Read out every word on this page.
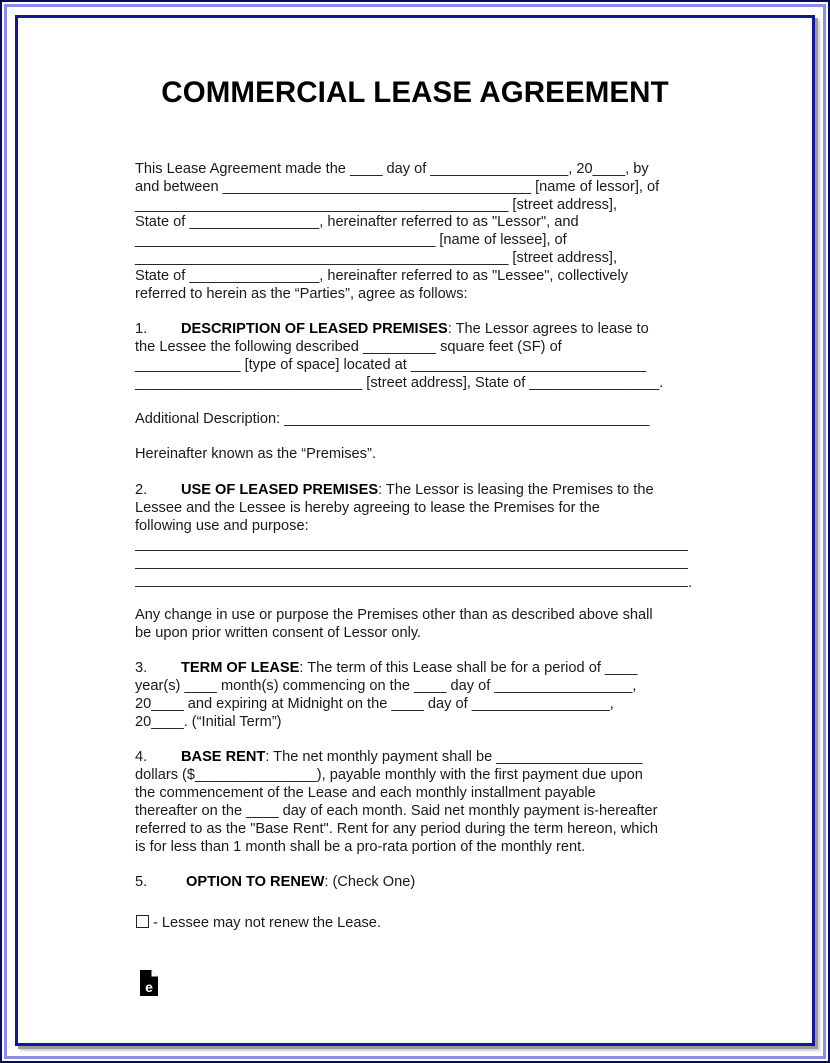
COMMERCIAL LEASE AGREEMENT
This Lease Agreement made the ____ day of _________________, 20____, by
and between ______________________________________ [name of lessor], of
______________________________________________ [street address],
State of ________________, hereinafter referred to as "Lessor", and
_____________________________________ [name of lessee], of
______________________________________________ [street address],
State of ________________, hereinafter referred to as "Lessee", collectively
referred to herein as the “Parties”, agree as follows:
1. DESCRIPTION OF LEASED PREMISES: The Lessor agrees to lease to
the Lessee the following described _________ square feet (SF) of
_____________ [type of space] located at _____________________________
____________________________ [street address], State of ________________.
Additional Description: _____________________________________________
Hereinafter known as the “Premises”.
2. USE OF LEASED PREMISES: The Lessor is leasing the Premises to the
Lessee and the Lessee is hereby agreeing to lease the Premises for the
following use and purpose:
.
Any change in use or purpose the Premises other than as described above shall
be upon prior written consent of Lessor only.
3. TERM OF LEASE: The term of this Lease shall be for a period of ____
year(s) ____ month(s) commencing on the ____ day of _________________,
20____ and expiring at Midnight on the ____ day of _________________,
20____. (“Initial Term”)
4. BASE RENT: The net monthly payment shall be __________________
dollars ($_______________), payable monthly with the first payment due upon
the commencement of the Lease and each monthly installment payable
thereafter on the ____ day of each month. Said net monthly payment is-hereafter
referred to as the "Base Rent". Rent for any period during the term hereon, which
is for less than 1 month shall be a pro-rata portion of the monthly rent.
5.	OPTION TO RENEW: (Check One)
- Lessee may not renew the Lease.
e
